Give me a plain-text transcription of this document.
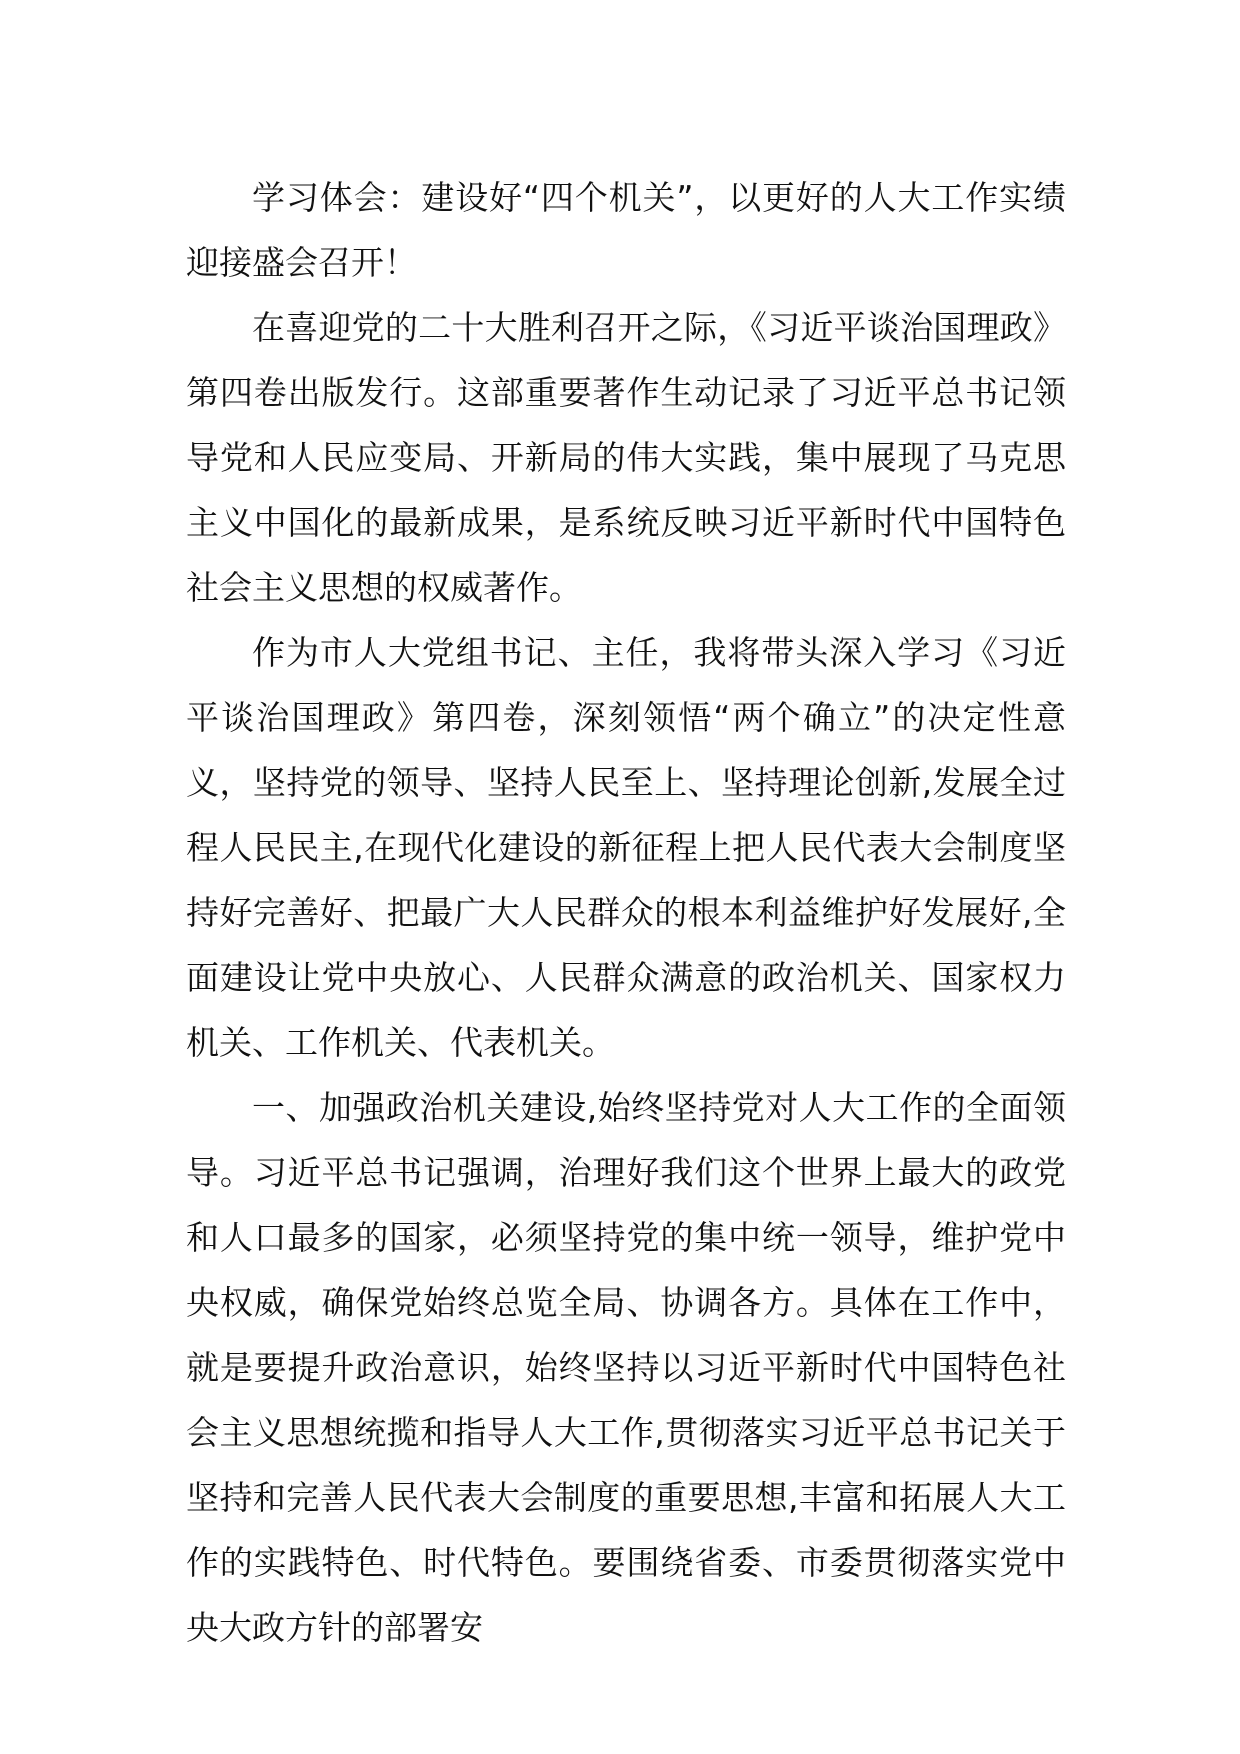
学习体会：建设好“四个机关”，以更好的人大工作实绩迎接盛会召开！

在喜迎党的二十大胜利召开之际，《习近平谈治国理政》第四卷出版发行。这部重要著作生动记录了习近平总书记领导党和人民应变局、开新局的伟大实践，集中展现了马克思主义中国化的最新成果，是系统反映习近平新时代中国特色社会主义思想的权威著作。

作为市人大党组书记、主任，我将带头深入学习《习近平谈治国理政》第四卷，深刻领悟“两个确立”的决定性意义，坚持党的领导、坚持人民至上、坚持理论创新,发展全过程人民民主,在现代化建设的新征程上把人民代表大会制度坚持好完善好、把最广大人民群众的根本利益维护好发展好,全面建设让党中央放心、人民群众满意的政治机关、国家权力机关、工作机关、代表机关。

一、加强政治机关建设,始终坚持党对人大工作的全面领导。习近平总书记强调，治理好我们这个世界上最大的政党和人口最多的国家，必须坚持党的集中统一领导，维护党中央权威，确保党始终总览全局、协调各方。具体在工作中，就是要提升政治意识，始终坚持以习近平新时代中国特色社会主义思想统揽和指导人大工作,贯彻落实习近平总书记关于坚持和完善人民代表大会制度的重要思想,丰富和拓展人大工作的实践特色、时代特色。要围绕省委、市委贯彻落实党中央大政方针的部署安
